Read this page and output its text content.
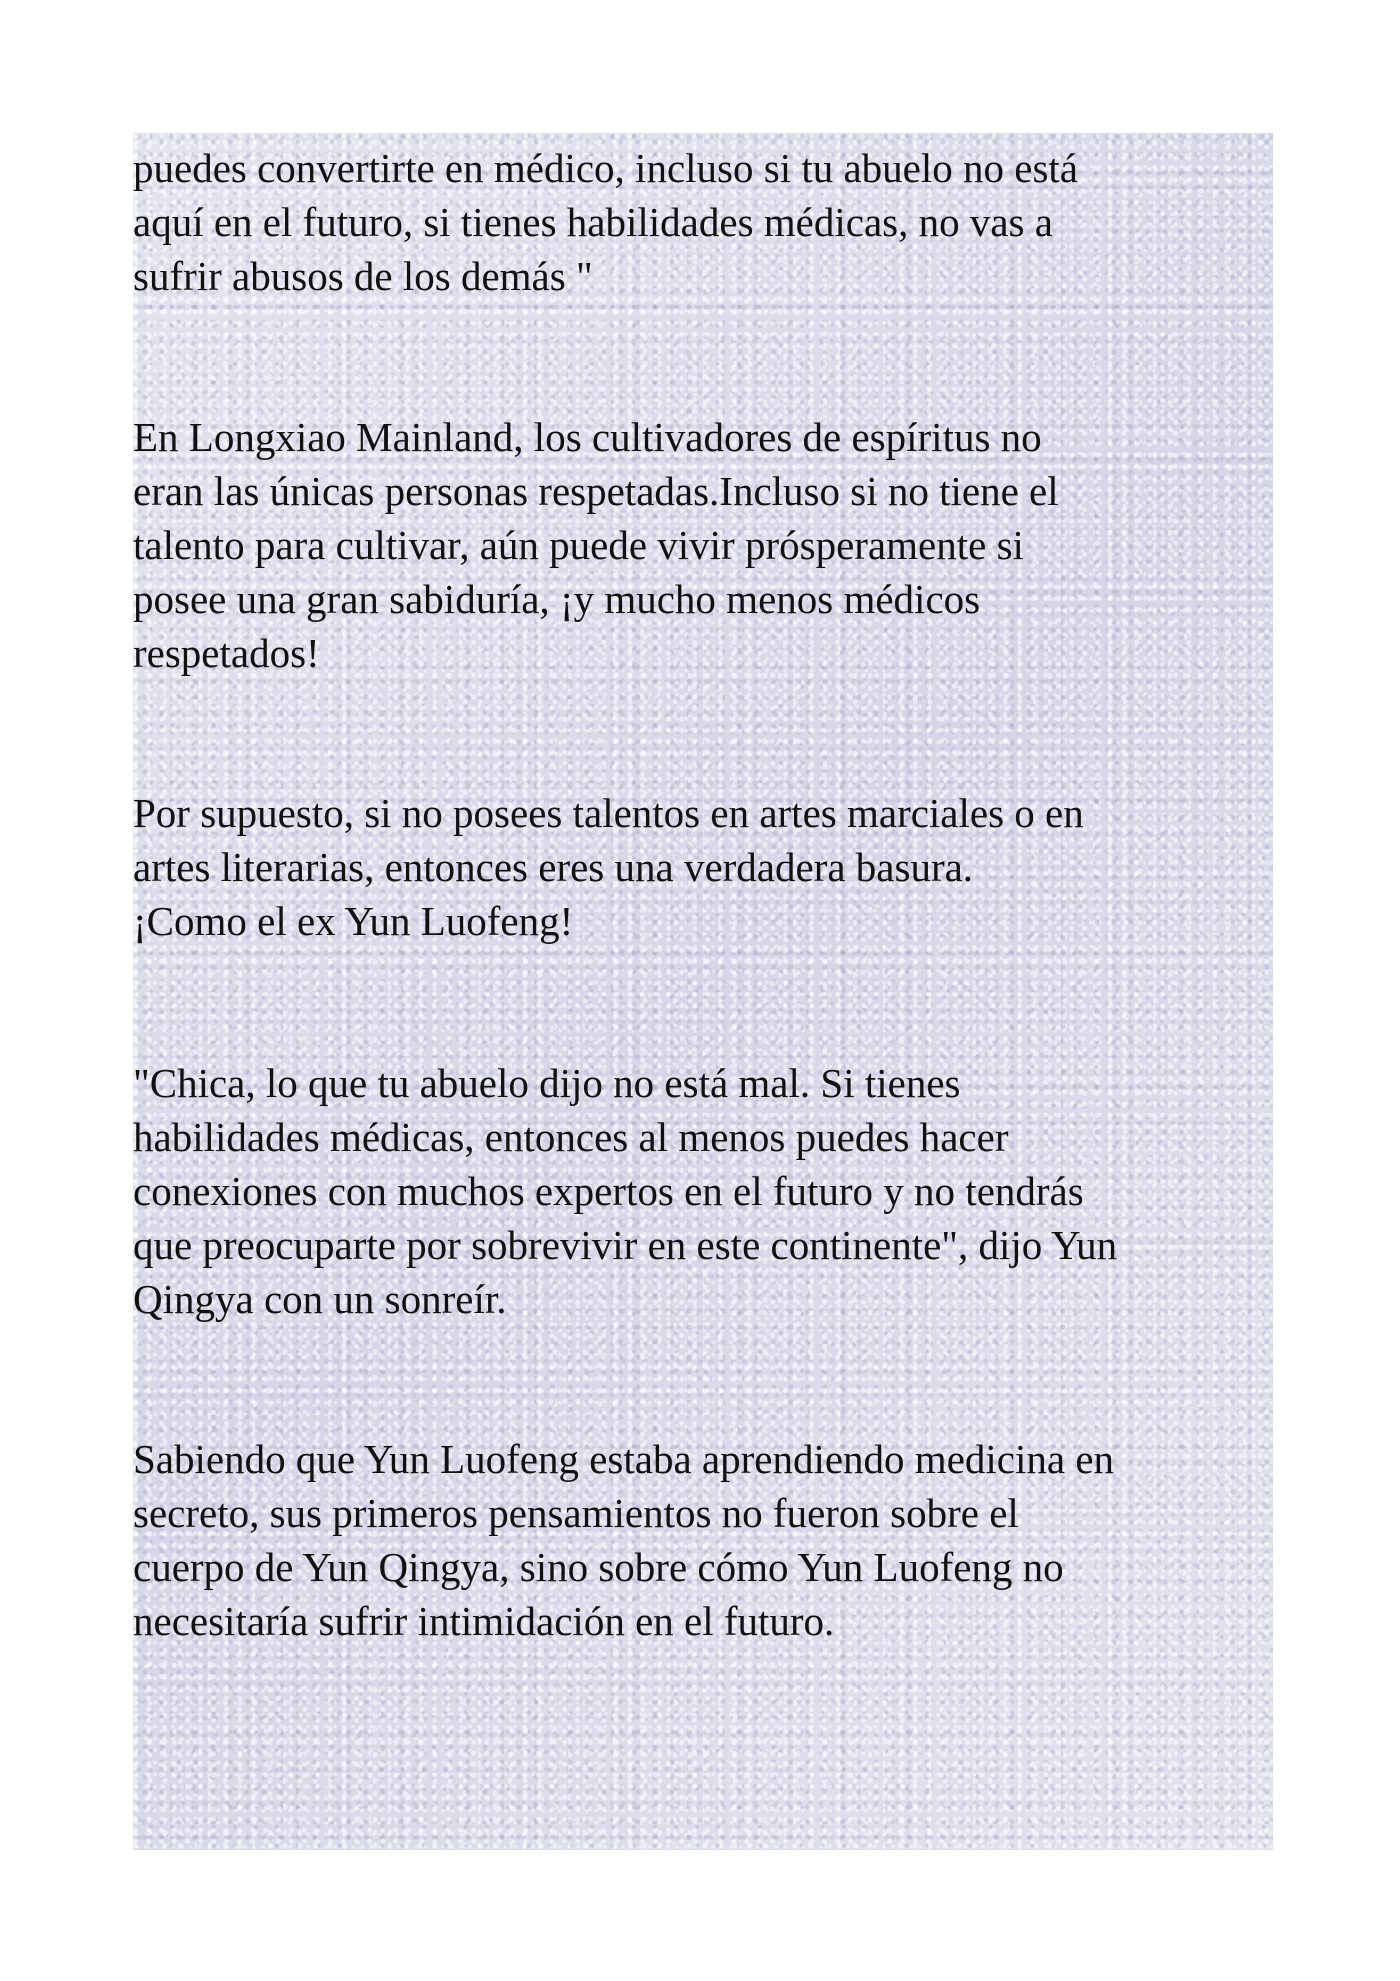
puedes convertirte en médico, incluso si tu abuelo no está
aquí en el futuro, si tienes habilidades médicas, no vas a
sufrir abusos de los demás "

En Longxiao Mainland, los cultivadores de espíritus no
eran las únicas personas respetadas.Incluso si no tiene el
talento para cultivar, aún puede vivir prósperamente si
posee una gran sabiduría, ¡y mucho menos médicos
respetados!

Por supuesto, si no posees talentos en artes marciales o en
artes literarias, entonces eres una verdadera basura.
¡Como el ex Yun Luofeng!

"Chica, lo que tu abuelo dijo no está mal. Si tienes
habilidades médicas, entonces al menos puedes hacer
conexiones con muchos expertos en el futuro y no tendrás
que preocuparte por sobrevivir en este continente", dijo Yun
Qingya con un sonreír.

Sabiendo que Yun Luofeng estaba aprendiendo medicina en
secreto, sus primeros pensamientos no fueron sobre el
cuerpo de Yun Qingya, sino sobre cómo Yun Luofeng no
necesitaría sufrir intimidación en el futuro.
